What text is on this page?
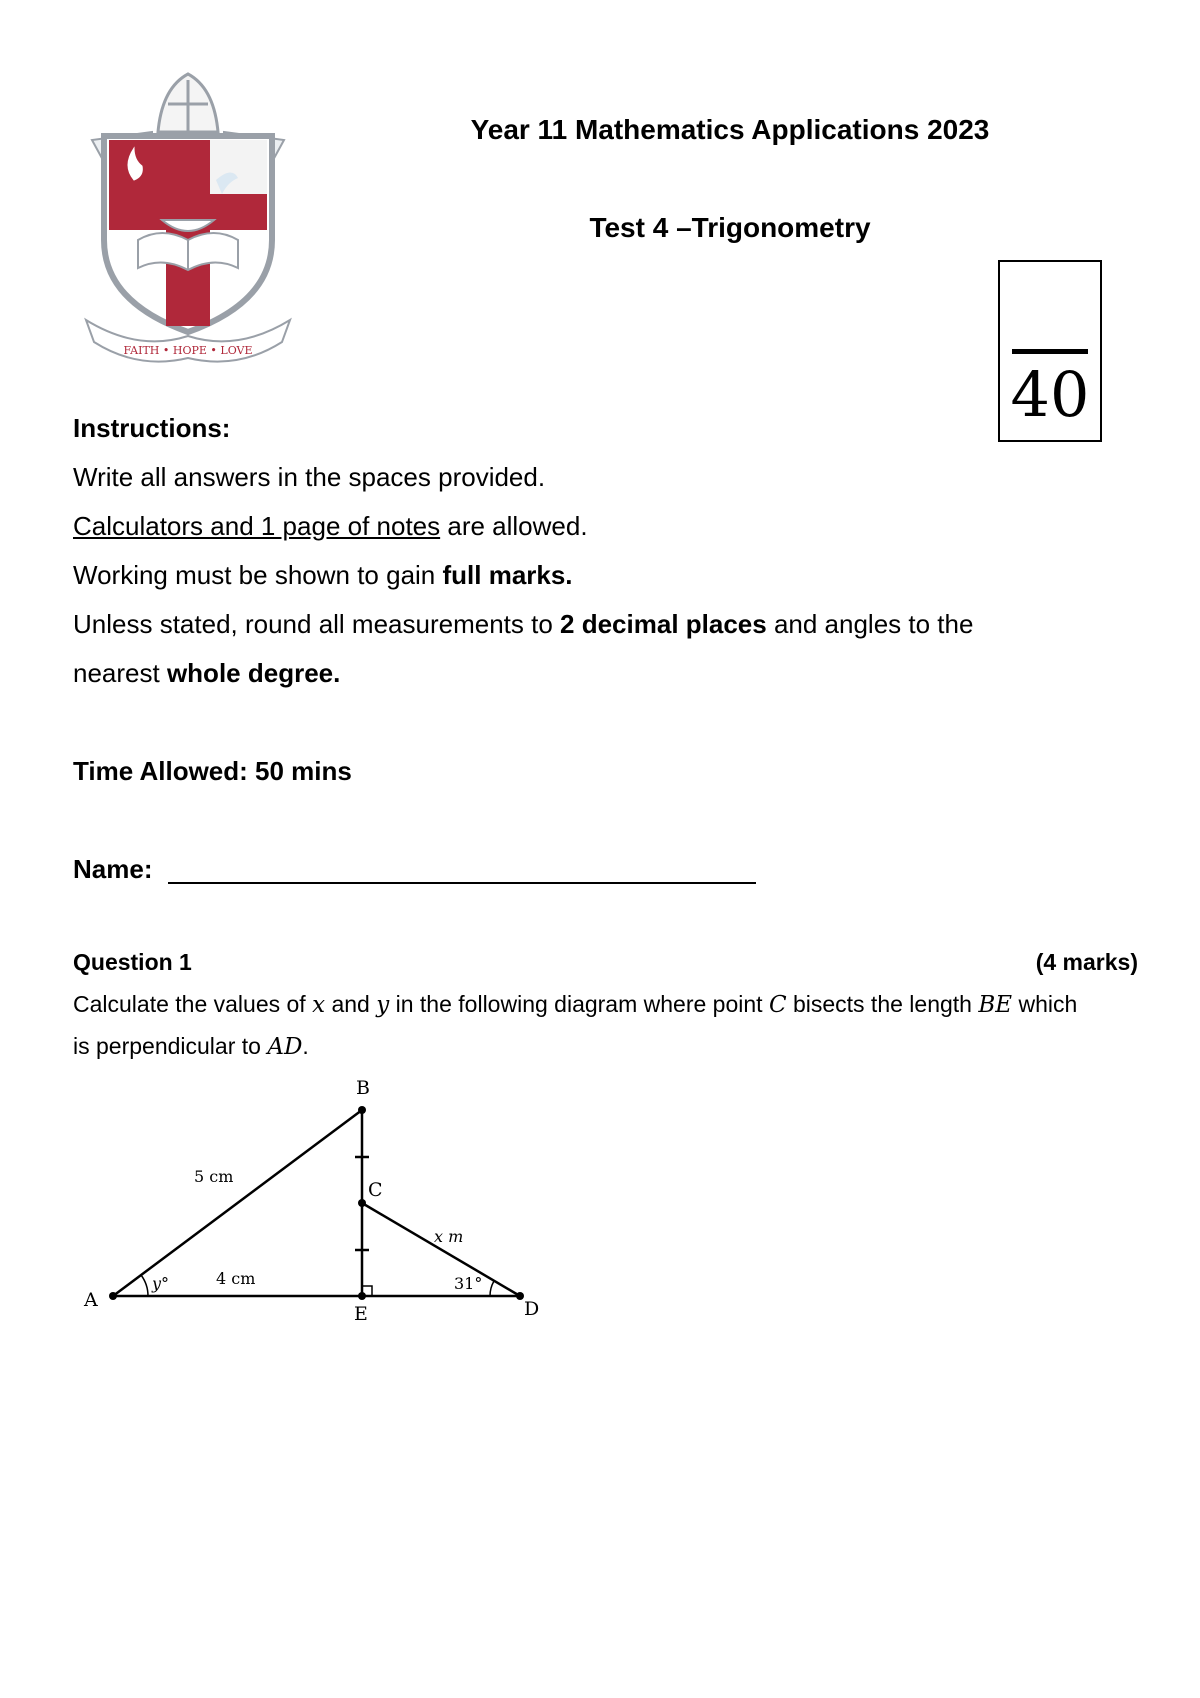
FAITH • HOPE • LOVE
Year 11 Mathematics Applications 2023
Test 4 –Trigonometry
40
Instructions:
Write all answers in the spaces provided.
Calculators and 1 page of notes are allowed.
Working must be shown to gain full marks.
Unless stated, round all measurements to 2 decimal places and angles to the
nearest whole degree.
Time Allowed: 50 mins
Name:
Question 1	(4 marks)
Calculate the values of x and y in the following diagram where point C bisects the length BE which
is perpendicular to AD.
A
B
C
D
E
5 cm
4 cm
x m
y°	31°
